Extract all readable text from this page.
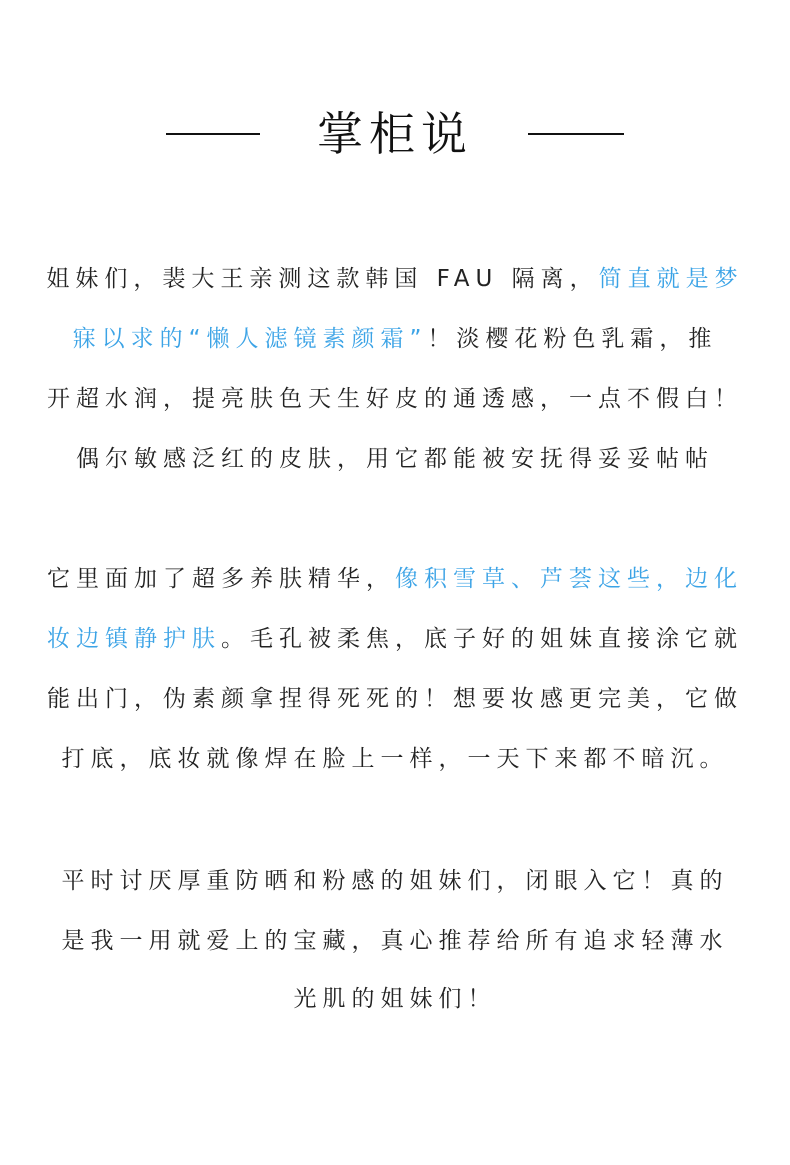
掌柜说
姐妹们，裴大王亲测这款韩国 FAU 隔离，简直就是梦
寐以求的“懒人滤镜素颜霜”！淡樱花粉色乳霜，推
开超水润，提亮肤色天生好皮的通透感，一点不假白！
偶尔敏感泛红的皮肤，用它都能被安抚得妥妥帖帖
它里面加了超多养肤精华，像积雪草、芦荟这些，边化
妆边镇静护肤。毛孔被柔焦，底子好的姐妹直接涂它就
能出门，伪素颜拿捏得死死的！想要妆感更完美，它做
打底，底妆就像焊在脸上一样，一天下来都不暗沉。
平时讨厌厚重防晒和粉感的姐妹们，闭眼入它！真的
是我一用就爱上的宝藏，真心推荐给所有追求轻薄水
光肌的姐妹们！
